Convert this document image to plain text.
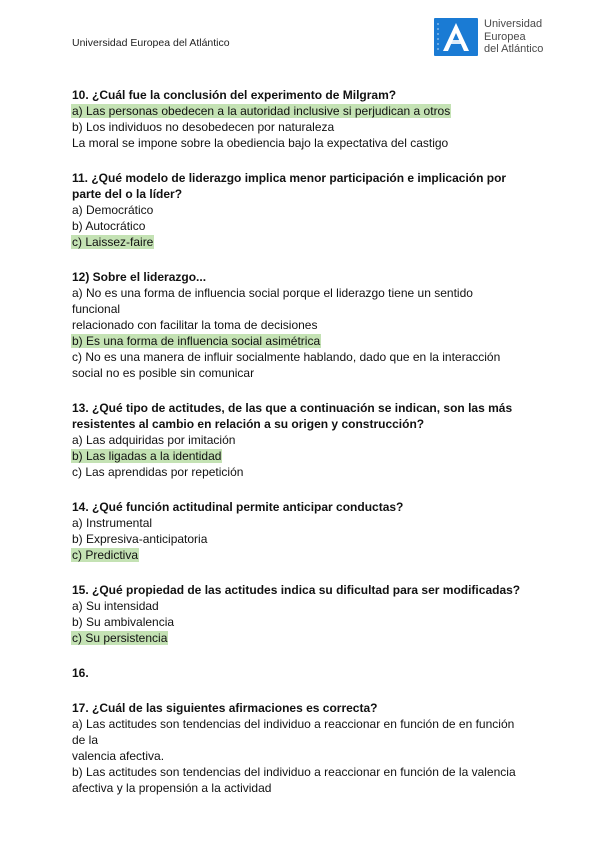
Universidad Europea del Atlántico
Universidad
Europea
del Atlántico
10. ¿Cuál fue la conclusión del experimento de Milgram?
a) Las personas obedecen a la autoridad inclusive si perjudican a otros
b) Los individuos no desobedecen por naturaleza
La moral se impone sobre la obediencia bajo la expectativa del castigo
11. ¿Qué modelo de liderazgo implica menor participación e implicación por
parte del o la líder?
a) Democrático
b) Autocrático
c) Laissez-faire
12) Sobre el liderazgo...
a) No es una forma de influencia social porque el liderazgo tiene un sentido
funcional
relacionado con facilitar la toma de decisiones
b) Es una forma de influencia social asimétrica
c) No es una manera de influir socialmente hablando, dado que en la interacción
social no es posible sin comunicar
13. ¿Qué tipo de actitudes, de las que a continuación se indican, son las más
resistentes al cambio en relación a su origen y construcción?
a) Las adquiridas por imitación
b) Las ligadas a la identidad
c) Las aprendidas por repetición
14. ¿Qué función actitudinal permite anticipar conductas?
a) Instrumental
b) Expresiva-anticipatoria
c) Predictiva
15. ¿Qué propiedad de las actitudes indica su dificultad para ser modificadas?
a) Su intensidad
b) Su ambivalencia
c) Su persistencia
16.
17. ¿Cuál de las siguientes afirmaciones es correcta?
a) Las actitudes son tendencias del individuo a reaccionar en función de en función
de la
valencia afectiva.
b) Las actitudes son tendencias del individuo a reaccionar en función de la valencia
afectiva y la propensión a la actividad
